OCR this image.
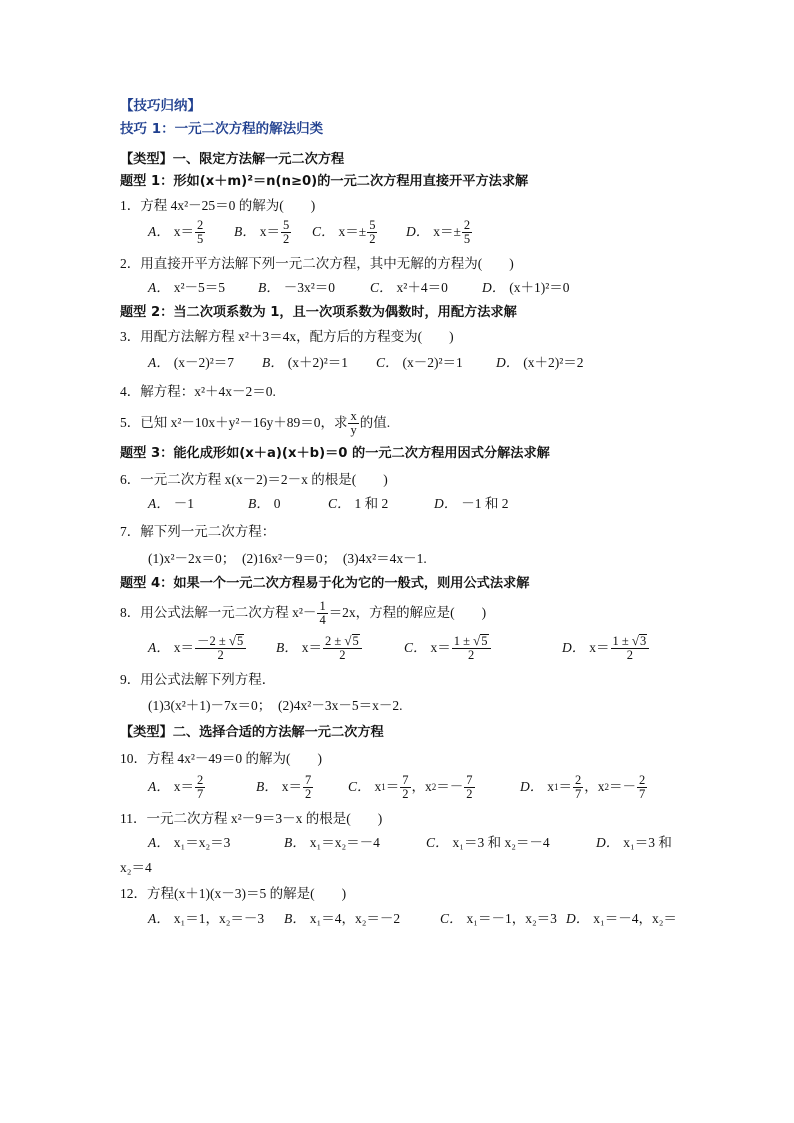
【技巧归纳】
技巧 1：一元二次方程的解法归类
【类型】一、限定方法解一元二次方程
题型 1：形如(x＋m)²＝n(n≥0)的一元二次方程用直接开平方法求解
1．方程 4x²－25＝0 的解为(　　)
A． $x= \frac{2}{5}$ B． $x= \frac{5}{2}$ C． $x=\pm \frac{5}{2}$ D． $x=\pm \frac{2}{5}$
2．用直接开平方法解下列一元二次方程，其中无解的方程为(　　)
A． x²－5＝5 B． －3x²＝0	C． x²＋4＝0	D． (x＋1)²＝0
题型 2：当二次项系数为 1，且一次项系数为偶数时，用配方法求解
3．用配方法解方程 x²＋3＝4x，配方后的方程变为(　　)
A． (x－2)²＝7 B． (x＋2)²＝1 C． (x－2)²＝1 D． (x＋2)²＝2
4．解方程：x²＋4x－2＝0.
5．已知 x²－10x＋y²－16y＋89＝0，求 $\frac{x}{y}$ 的值.
题型 3：能化成形如(x＋a)(x＋b)＝0 的一元二次方程用因式分解法求解
6．一元二次方程 x(x－2)＝2－x 的根是(　　)
A． －1	B． 0	C． 1 和 2	D． －1 和 2
7．解下列一元二次方程：
(1)x²－2x＝0；　(2)16x²－9＝0；　(3)4x²＝4x－1.
题型 4：如果一个一元二次方程易于化为它的一般式，则用公式法求解
8．用公式法解一元二次方程 $x^2- \frac{1}{4} =2x$，方程的解应是(　　)
A． $x= \frac{-2 \pm √ 5}{2}$ B． $x= \frac{2 \pm √ 5}{2}$	C． $x= \frac{1 \pm √ 5}{2}$	D． $x= \frac{1 \pm √ 3}{2}$
9．用公式法解下列方程．
(1)3(x²＋1)－7x＝0；　(2)4x²－3x－5＝x－2.
【类型】二、选择合适的方法解一元二次方程
10．方程 4x²－49＝0 的解为(　　)
A． $x= \frac{2}{7}$	B． $x= \frac{7}{2}$	C． x $1 = \frac{7}{2}$ ，x $2 =- \frac{7}{2}$	D． x $1 = \frac{2}{7}$ ，x $2 =- \frac{2}{7}$
11．一元二次方程 x²－9＝3－x 的根是(　　)
A． x₁＝x₂＝3	B． x₁＝x₂＝－4	C． x₁＝3 和 x₂＝－4	D． x₁＝3 和
x₂＝4
12．方程(x＋1)(x－3)＝5 的解是(　　)
A． x₁＝1，x₂＝－3 B． x₁＝4，x₂＝－2	C． x₁＝－1，x₂＝3 D． x₁＝－4，x₂＝
